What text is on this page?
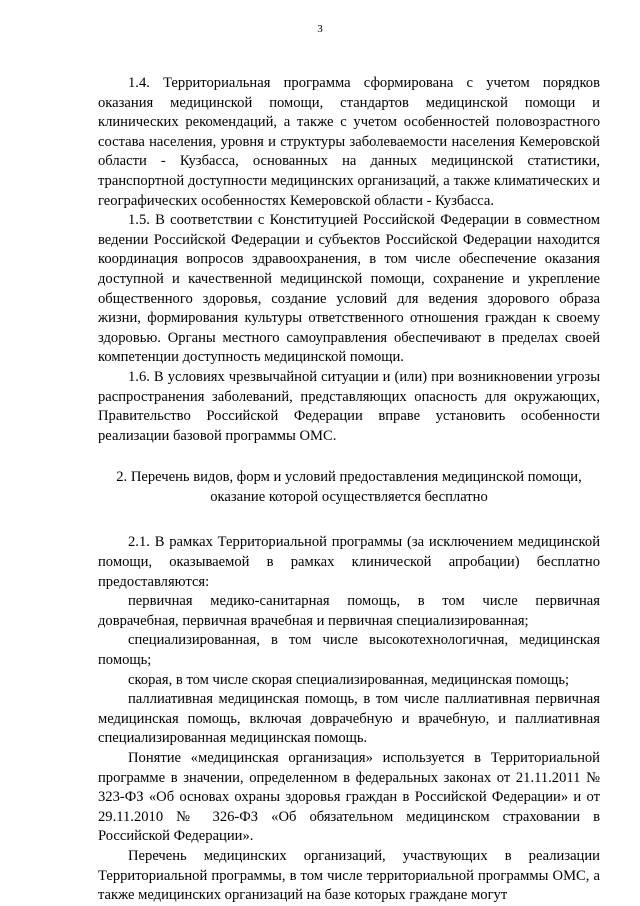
3

1.4. Территориальная программа сформирована с учетом порядков оказания медицинской помощи, стандартов медицинской помощи и клинических рекомендаций, а также с учетом особенностей половозрастного состава населения, уровня и структуры заболеваемости населения Кемеровской области - Кузбасса, основанных на данных медицинской статистики, транспортной доступности медицинских организаций, а также климатических и географических особенностях Кемеровской области - Кузбасса.

1.5. В соответствии с Конституцией Российской Федерации в совместном ведении Российской Федерации и субъектов Российской Федерации находится координация вопросов здравоохранения, в том числе обеспечение оказания доступной и качественной медицинской помощи, сохранение и укрепление общественного здоровья, создание условий для ведения здорового образа жизни, формирования культуры ответственного отношения граждан к своему здоровью. Органы местного самоуправления обеспечивают в пределах своей компетенции доступность медицинской помощи.

1.6. В условиях чрезвычайной ситуации и (или) при возникновении угрозы распространения заболеваний, представляющих опасность для окружающих, Правительство Российской Федерации вправе установить особенности реализации базовой программы ОМС.

2. Перечень видов, форм и условий предоставления медицинской помощи,
оказание которой осуществляется бесплатно

2.1. В рамках Территориальной программы (за исключением медицинской помощи, оказываемой в рамках клинической апробации) бесплатно предоставляются:

первичная медико-санитарная помощь, в том числе первичная доврачебная, первичная врачебная и первичная специализированная;

специализированная, в том числе высокотехнологичная, медицинская помощь;

скорая, в том числе скорая специализированная, медицинская помощь;

паллиативная медицинская помощь, в том числе паллиативная первичная медицинская помощь, включая доврачебную и врачебную, и паллиативная специализированная медицинская помощь.

Понятие «медицинская организация» используется в Территориальной программе в значении, определенном в федеральных законах от 21.11.2011 № 323-ФЗ «Об основах охраны здоровья граждан в Российской Федерации» и от 29.11.2010 № 326-ФЗ «Об обязательном медицинском страховании в Российской Федерации».

Перечень медицинских организаций, участвующих в реализации Территориальной программы, в том числе территориальной программы ОМС, а также медицинских организаций на базе которых граждане могут
